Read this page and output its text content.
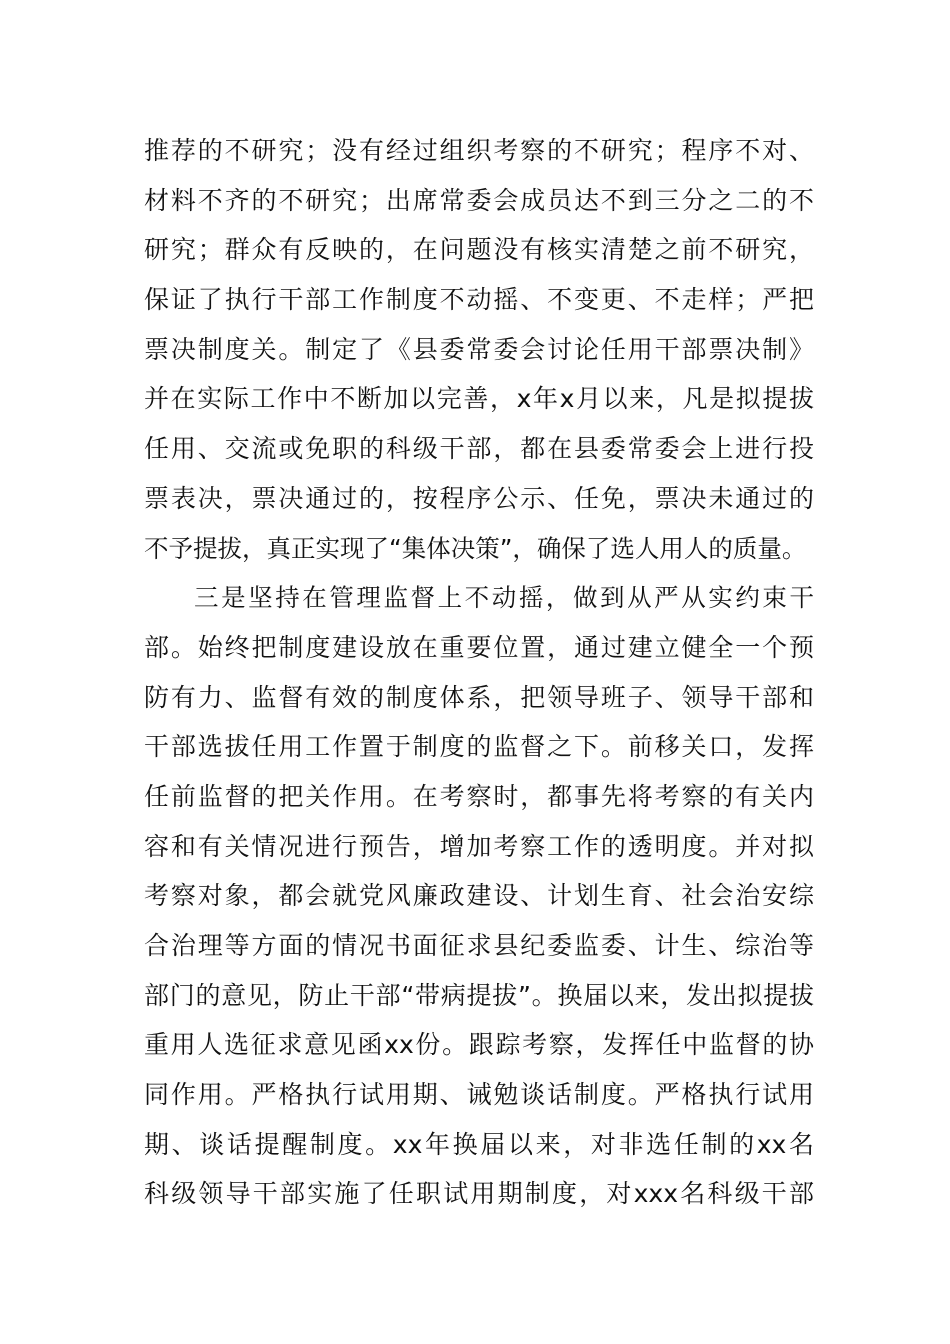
推荐的不研究；没有经过组织考察的不研究；程序不对、
材料不齐的不研究；出席常委会成员达不到三分之二的不
研究；群众有反映的，在问题没有核实清楚之前不研究，
保证了执行干部工作制度不动摇、不变更、不走样；严把
票决制度关。制定了《县委常委会讨论任用干部票决制》
并在实际工作中不断加以完善，x年x月以来，凡是拟提拔
任用、交流或免职的科级干部，都在县委常委会上进行投
票表决，票决通过的，按程序公示、任免，票决未通过的
不予提拔，真正实现了“集体决策”，确保了选人用人的质量。
三是坚持在管理监督上不动摇，做到从严从实约束干
部。始终把制度建设放在重要位置，通过建立健全一个预
防有力、监督有效的制度体系，把领导班子、领导干部和
干部选拔任用工作置于制度的监督之下。前移关口，发挥
任前监督的把关作用。在考察时，都事先将考察的有关内
容和有关情况进行预告，增加考察工作的透明度。并对拟
考察对象，都会就党风廉政建设、计划生育、社会治安综
合治理等方面的情况书面征求县纪委监委、计生、综治等
部门的意见，防止干部“带病提拔”。换届以来，发出拟提拔
重用人选征求意见函xx份。跟踪考察，发挥任中监督的协
同作用。严格执行试用期、诫勉谈话制度。严格执行试用
期、谈话提醒制度。xx年换届以来，对非选任制的xx名
科级领导干部实施了任职试用期制度，对xxx名科级干部
